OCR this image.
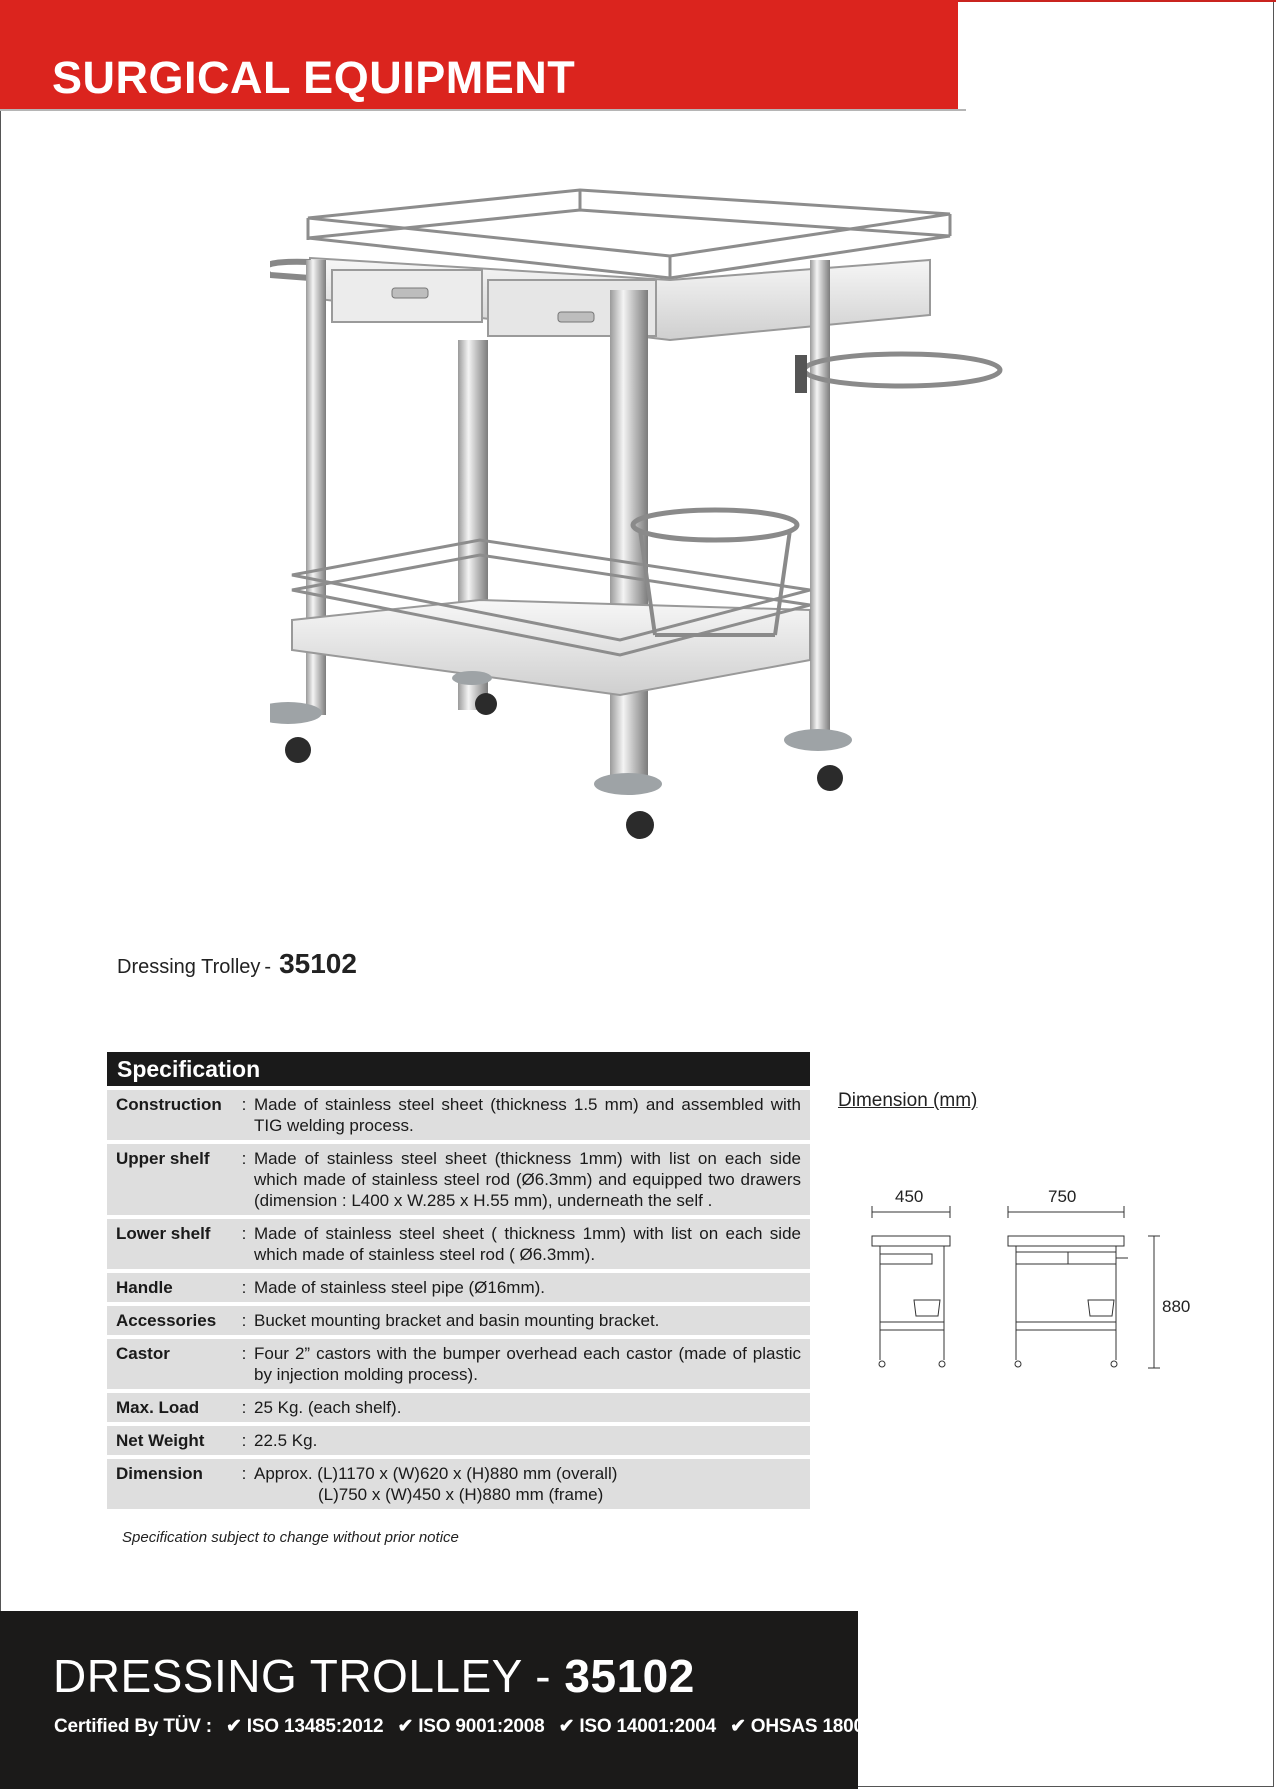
SURGICAL EQUIPMENT
Dressing Trolley - 35102
Specification
Construction	: Made of stainless steel sheet (thickness 1.5 mm) and assembled with TIG welding process.
Upper shelf	: Made of stainless steel sheet (thickness 1mm) with list on each side which made of stainless steel rod (Ø6.3mm) and equipped two drawers (dimension : L400 x W.285 x H.55 mm), underneath the self .
Lower shelf	: Made of stainless steel sheet ( thickness 1mm) with list on each side which made of stainless steel rod ( Ø6.3mm).
Handle	: Made of stainless steel pipe (Ø16mm).
Accessories	: Bucket mounting bracket and basin mounting bracket.
Castor	: Four 2” castors with the bumper overhead each castor (made of plastic by injection molding process).
Max. Load	: 25 Kg. (each shelf).
Net Weight	: 22.5 Kg.
Dimension	: Approx. (L)1170 x (W)620 x (H)880 mm (overall)
(L)750 x (W)450 x (H)880 mm (frame)
Specification subject to change without prior notice
Dimension (mm)
450	750
880
DRESSING TROLLEY - 35102
Certified By TÜV : ✔ ISO 13485:2012 ✔ ISO 9001:2008 ✔ ISO 14001:2004 ✔ OHSAS 18001:2007
